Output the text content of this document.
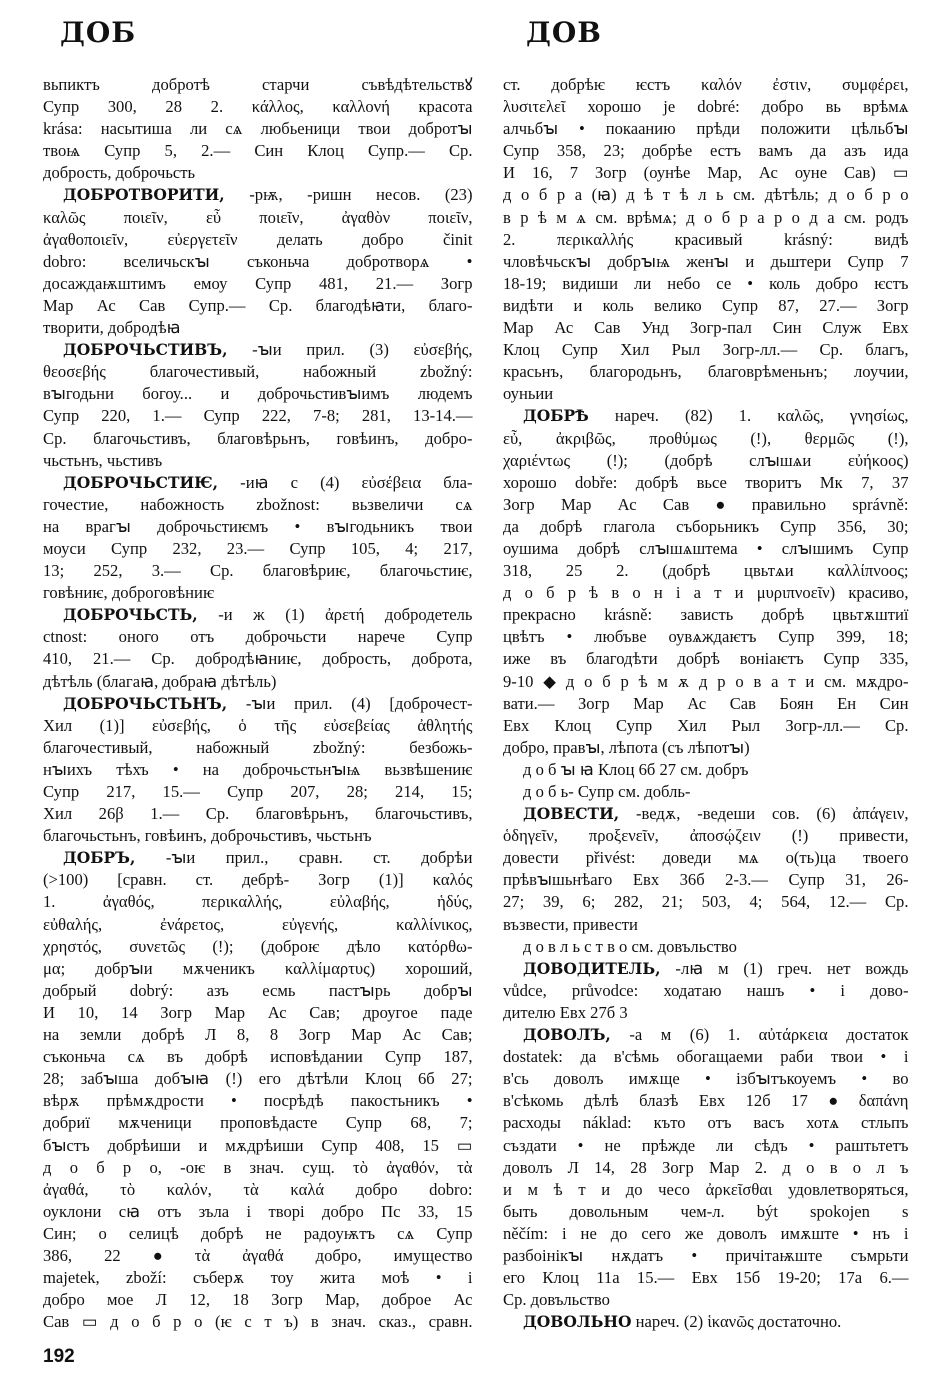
ДОБ	ДОВ
вьпиктъ добротѣ старчи съвѣдѣтельствꙋ
Супр 300, 28 2. κάλλος, καλλονή красота
krása: насытиша ли сѧ любьеници твои добротꙑ
твоѩ Супр 5, 2.— Син Клоц Супр.— Ср.
добрость, доброчьсть
ДОБРОТВОРИТИ, -рѭ, -ришн несов. (23)
καλῶς ποιεῖν, εὖ ποιεῖν, ἀγαθὸν ποιεῖν,
ἀγαθοποιεῖν, εὐεργετεῖν делать добро činit
dobro: вселичьскꙑ съконьча добротворѧ •
досаждаѭштимъ емоу Супр 481, 21.— Зогр
Мар Ас Сав Супр.— Ср. благодѣꙗти, благо-
творити, добродѣꙗ
ДОБРОЧЬСТИВЪ, -ꙑи прил. (3) εὐσεβής,
θεοσεβής благочестивый, набожный zbožný:
вꙑгодьни богоу... и доброчьстивꙑимъ людемъ
Супр 220, 1.— Супр 222, 7-8; 281, 13-14.—
Ср. благочьстивъ, благовѣрьнъ, говѣинъ, добро-
чьстьнъ, чьстивъ
ДОБРОЧЬСТИѤ, -иꙗ с (4) εὐσέβεια бла-
гочестие, набожность zbožnost: вьзвеличи сѧ
на врагꙑ доброчьстиѥмъ • вꙑгодьникъ твои
моуси Супр 232, 23.— Супр 105, 4; 217,
13; 252, 3.— Ср. благовѣриѥ, благочьстиѥ,
говѣниѥ, доброговѣниѥ
ДОБРОЧЬСТЬ, -и ж (1) ἀρετή добродетель
ctnost: оного отъ доброчьсти нарече Супр
410, 21.— Ср. добродѣꙗниѥ, добрость, доброта,
дѣтѣль (благаꙗ, добраꙗ дѣтѣль)
ДОБРОЧЬСТЬНЪ, -ꙑи прил. (4) [доброчест-
Хил (1)] εὐσεβής, ὁ τῆς εὐσεβείας ἀθλητής
благочестивый, набожный zbožný: безбожь-
нꙑихъ тѣхъ • на доброчьстьнꙑѩ вьзвѣшениѥ
Супр 217, 15.— Супр 207, 28; 214, 15;
Хил 26β 1.— Ср. благовѣрьнъ, благочьстивъ,
благочьстьнъ, говѣинъ, доброчьстивъ, чьстьнъ
ДОБРЪ, -ꙑи прил., сравн. ст. добрѣи
(>100) [сравн. ст. дебрѣ- Зогр (1)] καλός
1. ἀγαθός, περικαλλής, εὐλαβής, ἡδύς,
εὐθαλής, ἐνάρετος, εὐγενής, καλλίνικος,
χρηστός, συνετῶς (!); (доброѥ дѣло κατόρθω-
μα; добрꙑи мѫченикъ καλλίμαρτυς) хороший,
добрый dobrý: азъ есмь пастꙑрь добрꙑ
И 10, 14 Зогр Мар Ас Сав; дроугое паде
на земли добрѣ Л 8, 8 Зогр Мар Ас Сав;
съконьча сѧ въ добрѣ исповѣдании Супр 187,
28; забꙑша добꙑꙗ (!) его дѣтѣли Клоц 6б 27;
вѣрѫ прѣмѫдрости • посрѣдѣ пакостьникъ •
добриї мѫченици проповѣдасте Супр 68, 7;
бꙑстъ добрѣиши и мѫдрѣиши Супр 408, 15 ▭
д о б р о, -оѥ в знач. сущ. τὸ ἀγαθόν, τὰ
ἀγαθά, τὸ καλόν, τὰ καλά добро dobro:
оуклони сꙗ отъ зъла і творі добро Пс 33, 15
Син; о селицѣ добрѣ не радоуѭтъ сѧ Супр
386, 22 ● τὰ ἀγαθά добро, имущество
majetek, zboží: съберѫ тоу жита моѣ • і
добро мое Л 12, 18 Зогр Мар, доброе Ас
Сав ▭ д о б р о (ѥ с т ъ) в знач. сказ., сравн.
ст. добрѣѥ ѥстъ καλόν ἐστιν, συμφέρει,
λυσιτελεῖ хорошо je dobré: добро вь врѣмѧ
алчьбꙑ • покаанию прѣди положити цѣльбꙑ
Супр 358, 23; добрѣе естъ вамъ да азъ ида
И 16, 7 Зогр (оунѣе Мар, Ас оуне Сав) ▭
д о б р а (ꙗ) д ѣ т ѣ л ь см. дѣтѣль; д о б р о
в р ѣ м ѧ см. врѣмѧ; д о б р а р о д а см. родъ
2. περικαλλής красивый krásný: видѣ
чловѣчьскꙑ добрꙑѩ женꙑ и дьштери Супр 7
18-19; видиши ли небо се • коль добро ѥстъ
видѣти и коль велико Супр 87, 27.— Зогр
Мар Ас Сав Унд Зогр-пал Син Служ Евх
Клоц Супр Хил Рыл Зогр-лл.— Ср. благъ,
красьнъ, благородьнъ, благоврѣменьнъ; лоучии,
оуньии
ДОБРѢ нареч. (82) 1. καλῶς, γνησίως,
εὖ, ἀκριβῶς, προθύμως (!), θερμῶς (!),
χαριέντως (!); (добрѣ слꙑшѧи εὐήκοος)
хорошо dobře: добрѣ вьсе творитъ Мк 7, 37
Зогр Мар Ас Сав ● правильно správně:
да добрѣ глагола съборьникъ Супр 356, 30;
оушима добрѣ слꙑшѧштема • слꙑшимъ Супр
318, 25 2. (добрѣ цвьтѧи καλλίπνοος;
д о б р ѣ в о н і а т и μυριπνοεῖν) красиво,
прекрасно krásně: зависть добрѣ цвьтѫштиї
цвѣтъ • любъве оувѧждаѥтъ Супр 399, 18;
иже въ благодѣти добрѣ воніаѥтъ Супр 335,
9-10 ◆ д о б р ѣ м ѫ д р о в а т и см. мѫдро-
вати.— Зогр Мар Ас Сав Боян Ен Син
Евх Клоц Супр Хил Рыл Зогр-лл.— Ср.
добро, правꙑ, лѣпота (съ лѣпотꙑ)
д о б ꙑ ꙗ Клоц 6б 27 см. добръ
д о б ь- Супр см. добль-
ДОВЕСТИ, -ведѫ, -ведеши сов. (6) ἀπάγειν,
ὁδηγεῖν, προξενεῖν, ἀποσῴζειν (!) привести,
довести přivést: доведи мѧ о(ть)ца твоего
прѣвꙑшьнѣаго Евх 36б 2-3.— Супр 31, 26-
27; 39, 6; 282, 21; 503, 4; 564, 12.— Ср.
възвести, привести
д о в л ь с т в о см. довъльство
ДОВОДИТЕЛЬ, -лꙗ м (1) греч. нет вождь
vůdce, průvodce: ходатаю нашъ • і дово-
дителю Евх 27б 3
ДОВОЛЪ, -а м (6) 1. αὐτάρκεια достаток
dostatek: да в'сѣмь обогащаеми раби твои • і
в'сь доволъ имѫще • ізбꙑтъкоуемъ • во
в'сѣкомь дѣлѣ блазѣ Евх 12б 17 ● δαπάνη
расходы náklad: къто отъ васъ хотѧ стльпъ
създати • не прѣжде ли сѣдъ • раштьтетъ
доволъ Л 14, 28 Зогр Мар 2. д о в о л ъ
и м ѣ т и до чесо ἀρκεῖσθαι удовлетворяться,
быть довольным чем-л. být spokojen s
něčím: і не до сего же доволъ имѫште • нъ і
разбоінікꙑ нѫдатъ • причітаѭште съмрьти
его Клоц 11а 15.— Евх 15б 19-20; 17а 6.—
Ср. довъльство
ДОВОЛЬНО нареч. (2) ἱκανῶς достаточно.
192
